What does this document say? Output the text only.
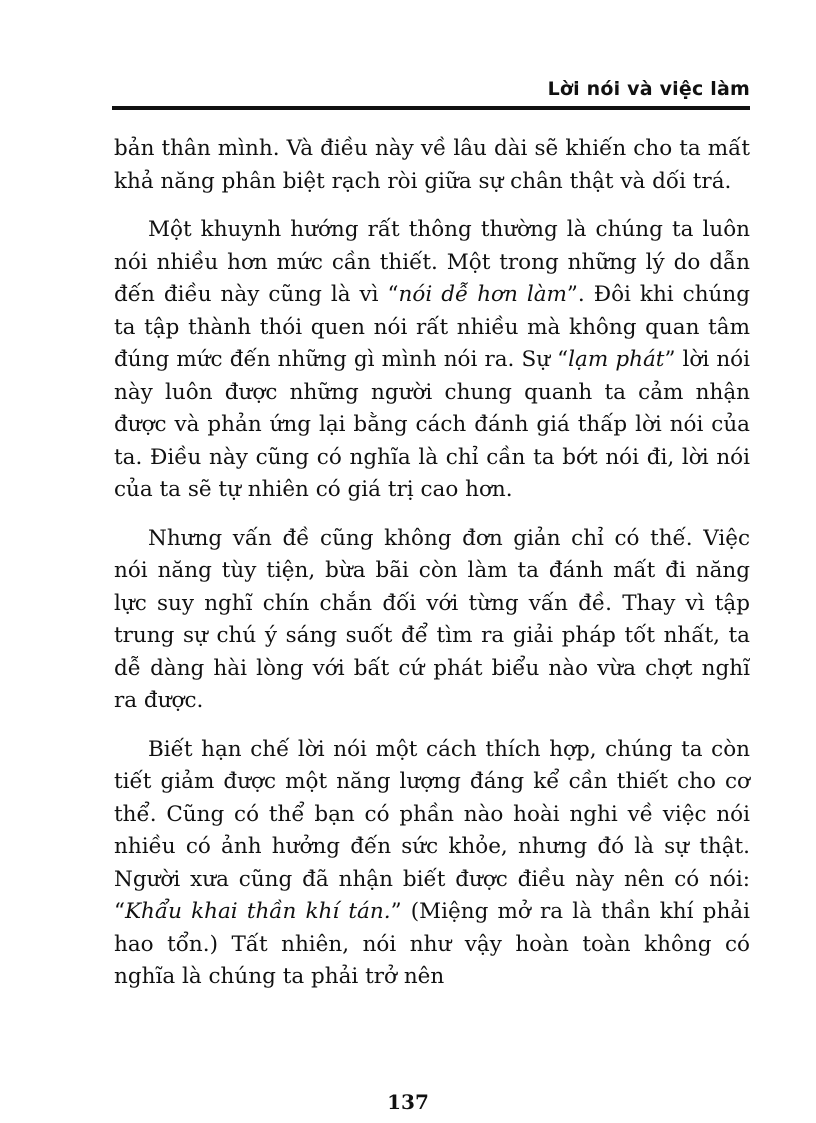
Lời nói và việc làm

bản thân mình. Và điều này về lâu dài sẽ khiến cho ta mất khả năng phân biệt rạch ròi giữa sự chân thật và dối trá.

Một khuynh hướng rất thông thường là chúng ta luôn nói nhiều hơn mức cần thiết. Một trong những lý do dẫn đến điều này cũng là vì “nói dễ hơn làm”. Đôi khi chúng ta tập thành thói quen nói rất nhiều mà không quan tâm đúng mức đến những gì mình nói ra. Sự “lạm phát” lời nói này luôn được những người chung quanh ta cảm nhận được và phản ứng lại bằng cách đánh giá thấp lời nói của ta. Điều này cũng có nghĩa là chỉ cần ta bớt nói đi, lời nói của ta sẽ tự nhiên có giá trị cao hơn.

Nhưng vấn đề cũng không đơn giản chỉ có thế. Việc nói năng tùy tiện, bừa bãi còn làm ta đánh mất đi năng lực suy nghĩ chín chắn đối với từng vấn đề. Thay vì tập trung sự chú ý sáng suốt để tìm ra giải pháp tốt nhất, ta dễ dàng hài lòng với bất cứ phát biểu nào vừa chợt nghĩ ra được.

Biết hạn chế lời nói một cách thích hợp, chúng ta còn tiết giảm được một năng lượng đáng kể cần thiết cho cơ thể. Cũng có thể bạn có phần nào hoài nghi về việc nói nhiều có ảnh hưởng đến sức khỏe, nhưng đó là sự thật. Người xưa cũng đã nhận biết được điều này nên có nói: “Khẩu khai thần khí tán.” (Miệng mở ra là thần khí phải hao tổn.) Tất nhiên, nói như vậy hoàn toàn không có nghĩa là chúng ta phải trở nên

137
